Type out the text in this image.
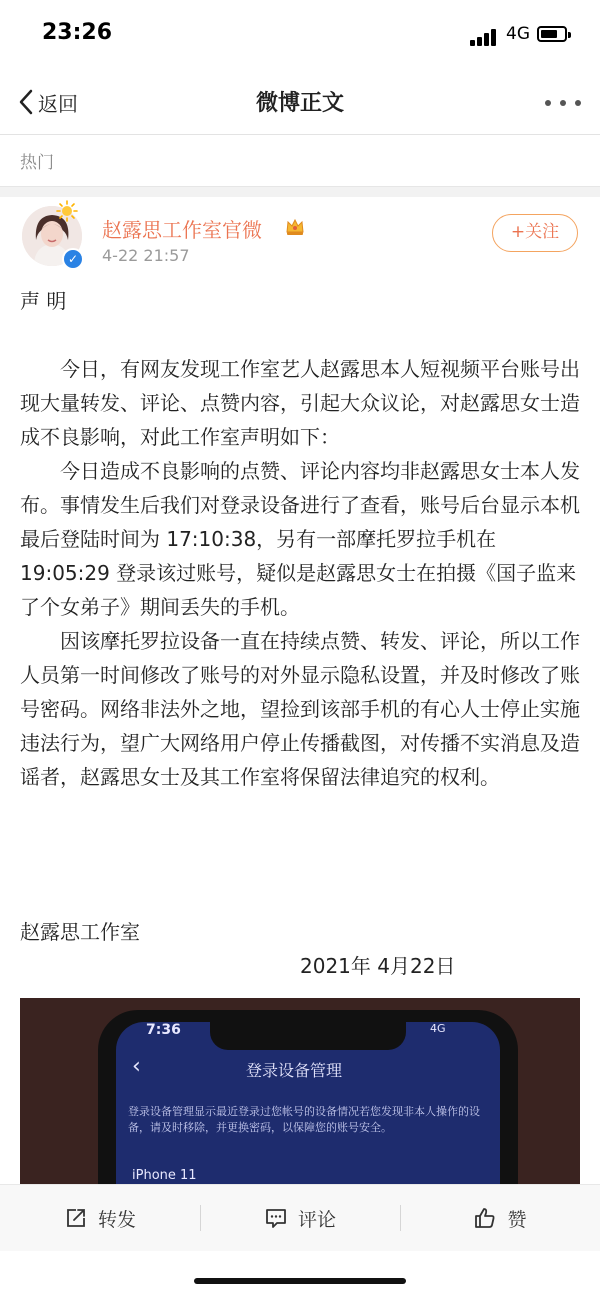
23:26	4G
返回	微博正文
热门
✓
赵露思工作室官微
4-22 21:57
+关注

声 明

今日，有网友发现工作室艺人赵露思本人短视频平台账号出现大量转发、评论、点赞内容，引起大众议论，对赵露思女士造成不良影响，对此工作室声明如下：

今日造成不良影响的点赞、评论内容均非赵露思女士本人发布。事情发生后我们对登录设备进行了查看，账号后台显示本机最后登陆时间为 17:10:38，另有一部摩托罗拉手机在 19:05:29 登录该过账号，疑似是赵露思女士在拍摄《国子监来了个女弟子》期间丢失的手机。

因该摩托罗拉设备一直在持续点赞、转发、评论，所以工作人员第一时间修改了账号的对外显示隐私设置，并及时修改了账号密码。网络非法外之地，望捡到该部手机的有心人士停止实施违法行为，望广大网络用户停止传播截图，对传播不实消息及造谣者，赵露思女士及其工作室将保留法律追究的权利。

赵露思工作室
2021年 4月22日
7:36	4G
‹	登录设备管理
登录设备管理显示最近登录过您帐号的设备情况若您发现非本人操作的设备，请及时移除，并更换密码，以保障您的账号安全。
iPhone 11
转发	评论	赞
